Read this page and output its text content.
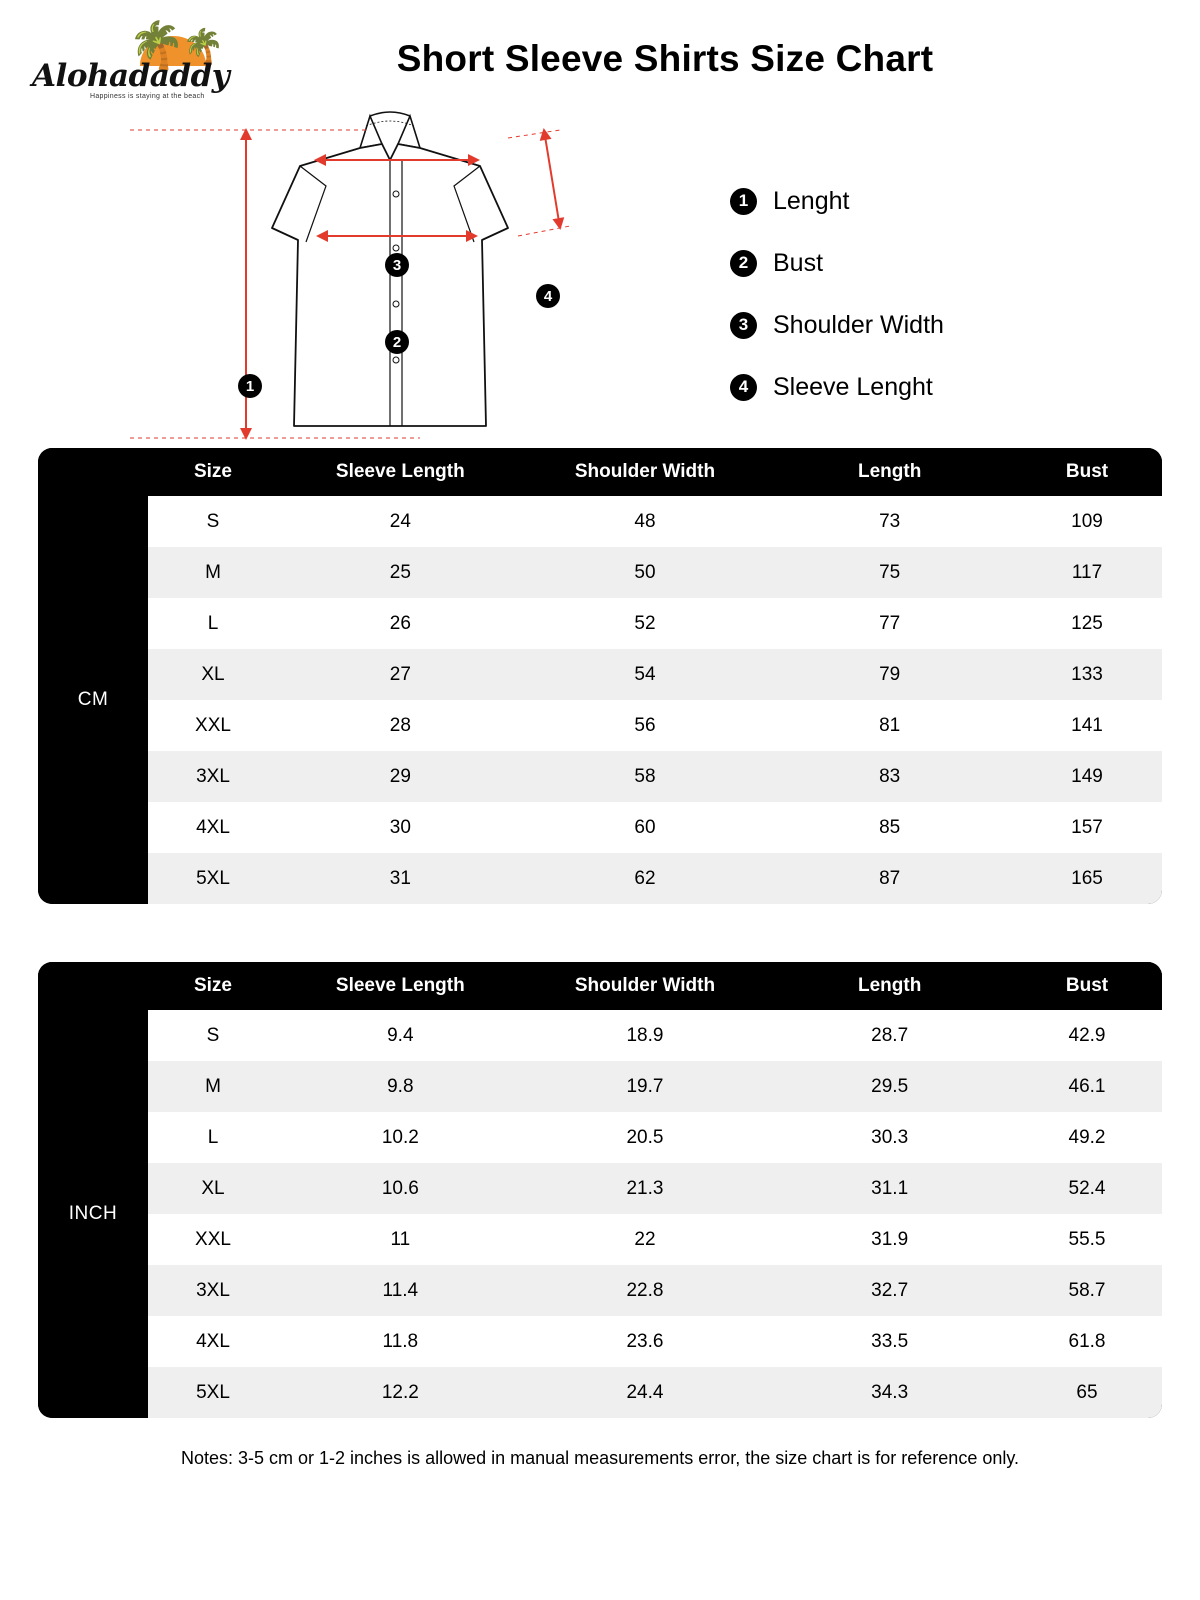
🌴
🌴
Alohadaddy
Happiness is staying at the beach
Short Sleeve Shirts Size Chart
1
2
3
4
1 Lenght
2 Bust
3 Shoulder Width
4 Sleeve Lenght
	Size	Sleeve Length	Shoulder Width	Length	Bust
CM	S	24	48	73	109
	M	25	50	75	117
	L	26	52	77	125
	XL	27	54	79	133
	XXL	28	56	81	141
	3XL	29	58	83	149
	4XL	30	60	85	157
	5XL	31	62	87	165
	Size	Sleeve Length	Shoulder Width	Length	Bust
INCH	S	9.4	18.9	28.7	42.9
	M	9.8	19.7	29.5	46.1
	L	10.2	20.5	30.3	49.2
	XL	10.6	21.3	31.1	52.4
	XXL	11	22	31.9	55.5
	3XL	11.4	22.8	32.7	58.7
	4XL	11.8	23.6	33.5	61.8
	5XL	12.2	24.4	34.3	65
Notes: 3-5 cm or 1-2 inches is allowed in manual measurements error, the size chart is for reference only.
